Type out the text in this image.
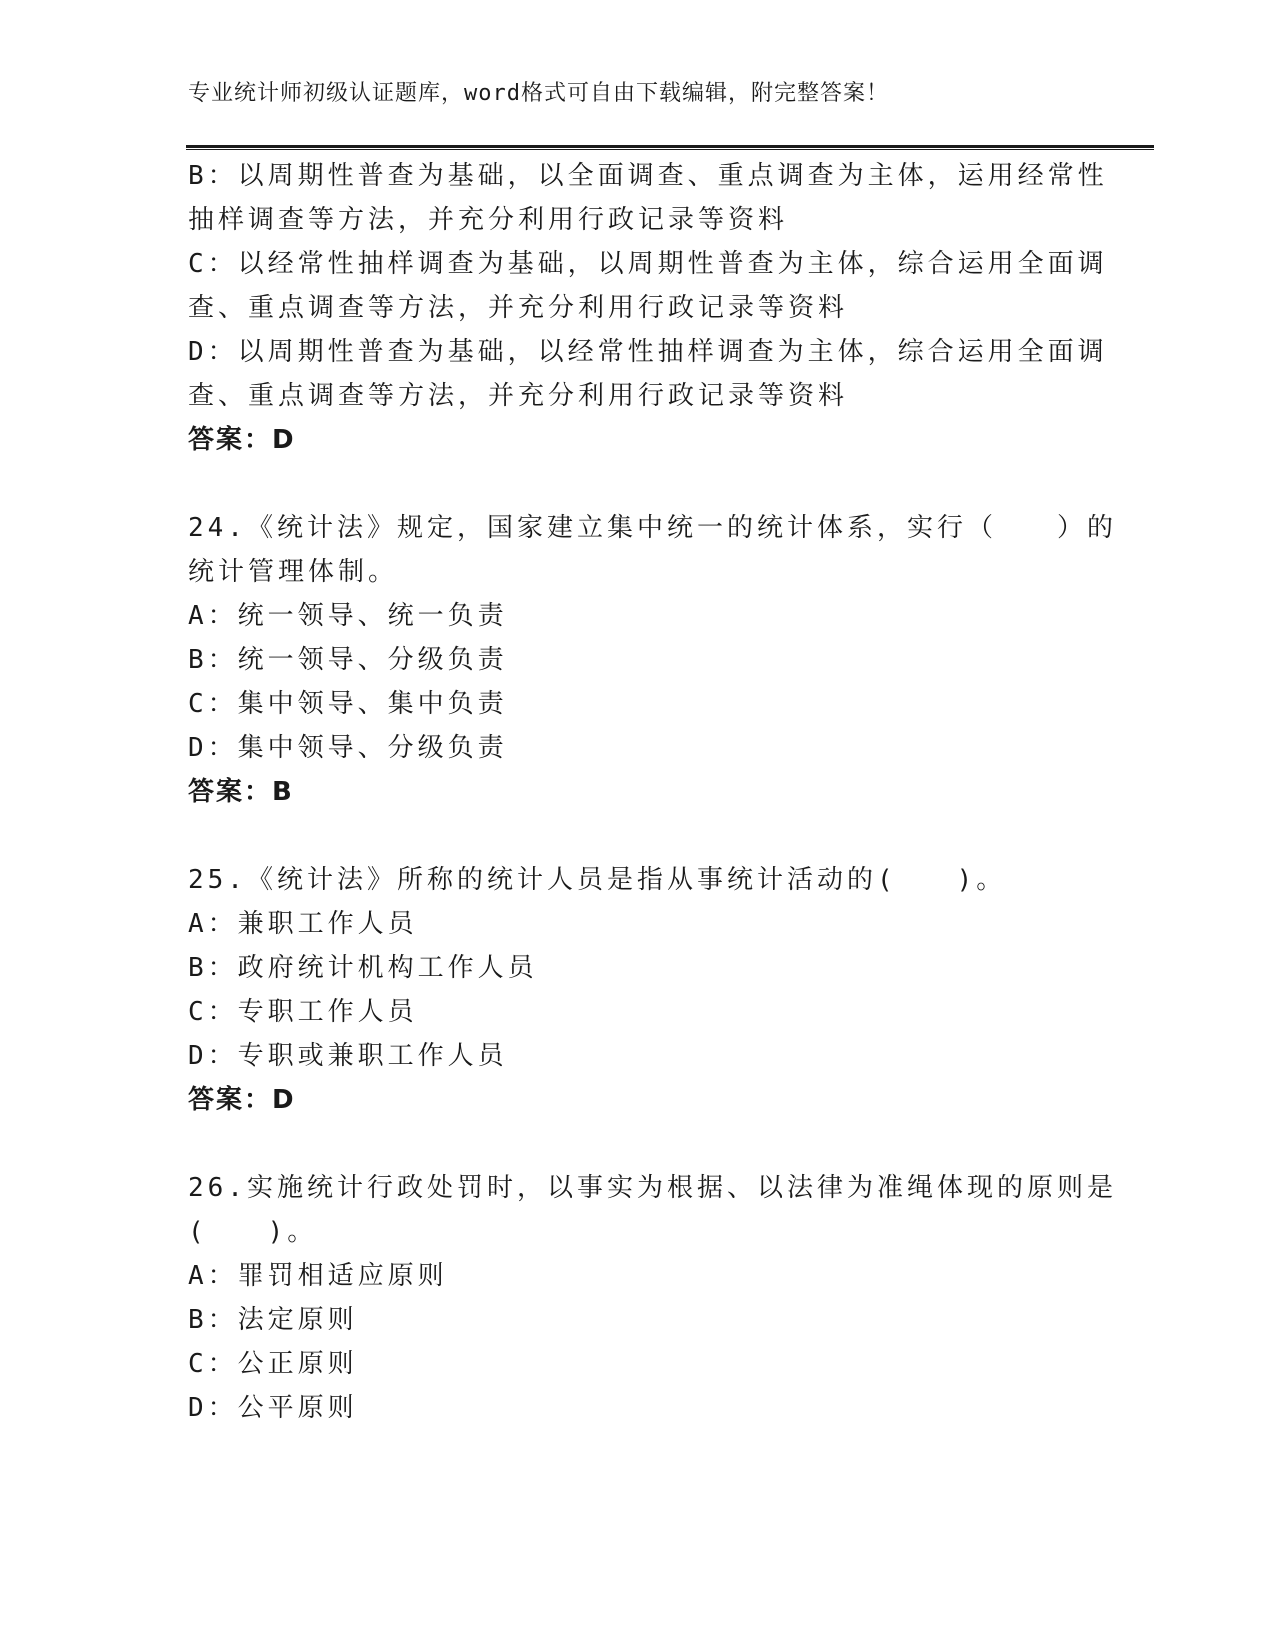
专业统计师初级认证题库，word格式可自由下载编辑，附完整答案！
B：以周期性普查为基础，以全面调查、重点调查为主体，运用经常性
抽样调查等方法，并充分利用行政记录等资料
C：以经常性抽样调查为基础，以周期性普查为主体，综合运用全面调
查、重点调查等方法，并充分利用行政记录等资料
D：以周期性普查为基础，以经常性抽样调查为主体，综合运用全面调
查、重点调查等方法，并充分利用行政记录等资料
答案：D
24.《统计法》规定，国家建立集中统一的统计体系，实行（　　）的
统计管理体制。
A：统一领导、统一负责
B：统一领导、分级负责
C：集中领导、集中负责
D：集中领导、分级负责
答案：B
25.《统计法》所称的统计人员是指从事统计活动的(　　)。
A：兼职工作人员
B：政府统计机构工作人员
C：专职工作人员
D：专职或兼职工作人员
答案：D
26.实施统计行政处罚时，以事实为根据、以法律为准绳体现的原则是
(　　)。
A：罪罚相适应原则
B：法定原则
C：公正原则
D：公平原则
